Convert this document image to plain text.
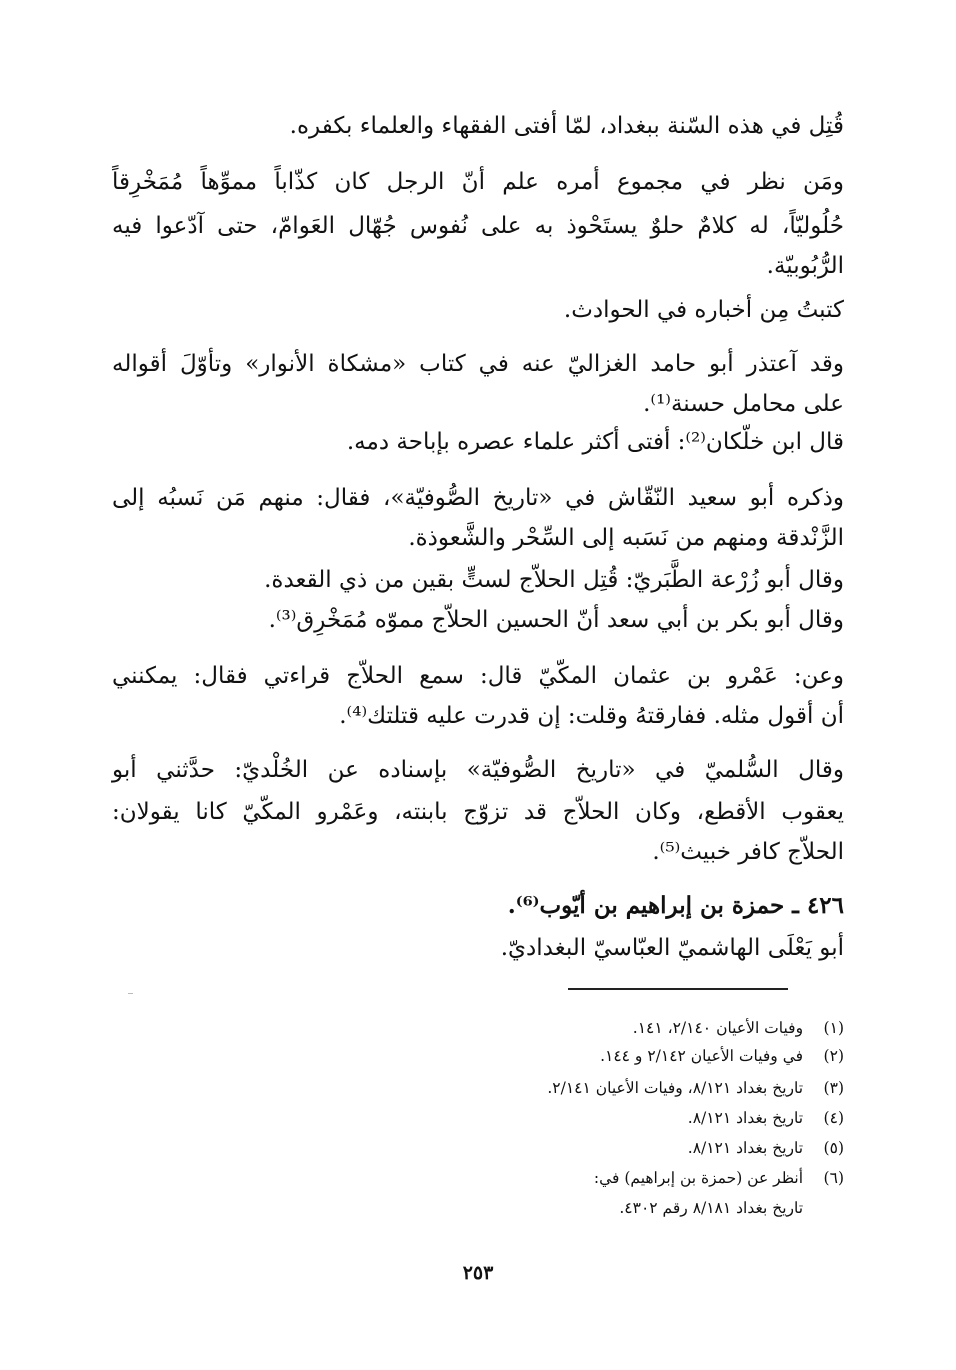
قُتِل في هذه السّنة ببغداد، لمّا أفتى الفقهاء والعلماء بكفره.
ومَن نظر في مجموع أمره علم أنّ الرجل كان كذّاباً مموِّهاً مُمَخْرِقاً
حُلُوليّاً، له كلامٌ حلوٌ يستَحْوذ به على نُفوس جُهّال العَوامّ، حتى آدّعوا فيه
الرُّبُوبيّة.
كتبتُ مِن أخباره في الحوادث.
وقد آعتذر أبو حامد الغزاليّ عنه في كتاب «مشكاة الأنوار» وتأوّلَ أقواله
على محامل حسنة⁽¹⁾.
قال ابن خلّكان⁽²⁾: أفتى أكثر علماء عصره بإباحة دمه.
وذكره أبو سعيد النّقّاش في «تاريخ الصُّوفيّة»، فقال: منهم مَن نَسبُه إلى
الزَّنْدقة ومنهم من نَسَبه إلى السِّحْر والشَّعوذة.
وقال أبو زُرْعة الطَّبَريّ: قُتِل الحلاّج لستٍّ بقين من ذي القعدة.
وقال أبو بكر بن أبي سعد أنّ الحسين الحلاّج مموّه مُمَخْرِق⁽³⁾.
وعن: عَمْرو بن عثمان المكّيّ قال: سمع الحلاّج قراءتي فقال: يمكنني
أن أقول مثله. ففارقتهُ وقلت: إن قدرت عليه قتلتك⁽⁴⁾.
وقال السُّلميّ في «تاريخ الصُّوفيّة» بإسناده عن الخُلْديّ: حدَّثني أبو
يعقوب الأقطع، وكان الحلاّج قد تزوّج بابنته، وعَمْرو المكّيّ كانا يقولان:
الحلاّج كافر خبيث⁽⁵⁾.
٤٢٦ ـ حمزة بن إبراهيم بن أيّوب⁽⁶⁾.
أبو يَعْلَى الهاشميّ العبّاسيّ البغداديّ.
(١) وفيات الأعيان ٢/١٤٠، ١٤١.
(٢) في وفيات الأعيان ٢/١٤٢ و ١٤٤.
(٣) تاريخ بغداد ٨/١٢١، وفيات الأعيان ٢/١٤١.
(٤) تاريخ بغداد ٨/١٢١.
(٥) تاريخ بغداد ٨/١٢١.
(٦) أنظر عن (حمزة بن إبراهيم) في:
تاريخ بغداد ٨/١٨١ رقم ٤٣٠٢.
٢٥٣
